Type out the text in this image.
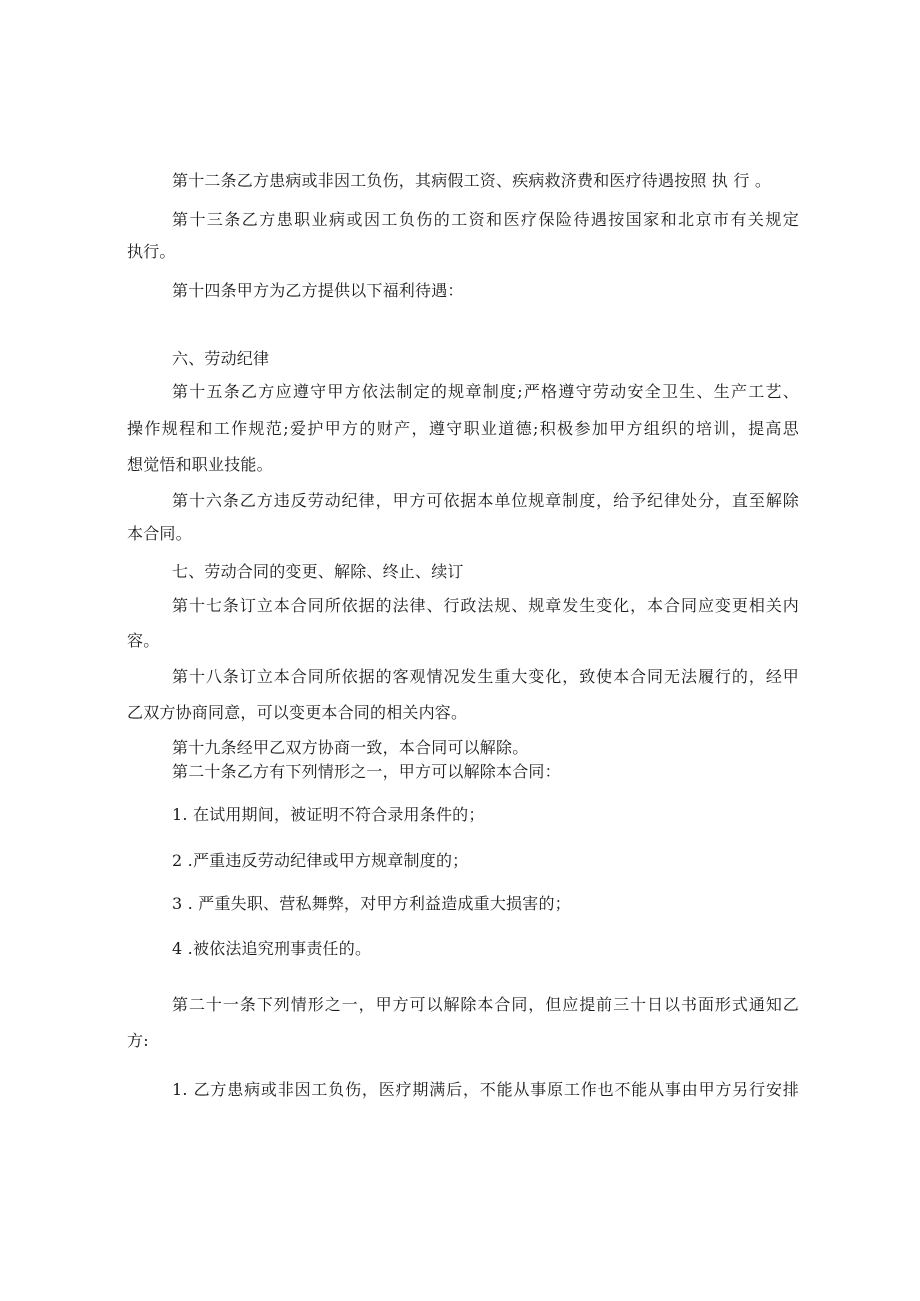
第十二条乙方患病或非因工负伤，其病假工资、疾病救济费和医疗待遇按照 执 行 。
第十三条乙方患职业病或因工负伤的工资和医疗保险待遇按国家和北京市有关规定
执行。
第十四条甲方为乙方提供以下福利待遇：
六、劳动纪律
第十五条乙方应遵守甲方依法制定的规章制度;严格遵守劳动安全卫生、生产工艺、
操作规程和工作规范;爱护甲方的财产，遵守职业道德;积极参加甲方组织的培训，提高思
想觉悟和职业技能。
第十六条乙方违反劳动纪律，甲方可依据本单位规章制度，给予纪律处分，直至解除
本合同。
七、劳动合同的变更、解除、终止、续订
第十七条订立本合同所依据的法律、行政法规、规章发生变化，本合同应变更相关内
容。
第十八条订立本合同所依据的客观情况发生重大变化，致使本合同无法履行的，经甲
乙双方协商同意，可以变更本合同的相关内容。
第十九条经甲乙双方协商一致，本合同可以解除。
第二十条乙方有下列情形之一，甲方可以解除本合同：
1. 在试用期间，被证明不符合录用条件的；
2 .严重违反劳动纪律或甲方规章制度的；
3 . 严重失职、营私舞弊，对甲方利益造成重大损害的；
4 .被依法追究刑事责任的。
第二十一条下列情形之一，甲方可以解除本合同，但应提前三十日以书面形式通知乙
方:
1. 乙方患病或非因工负伤，医疗期满后，不能从事原工作也不能从事由甲方另行安排
